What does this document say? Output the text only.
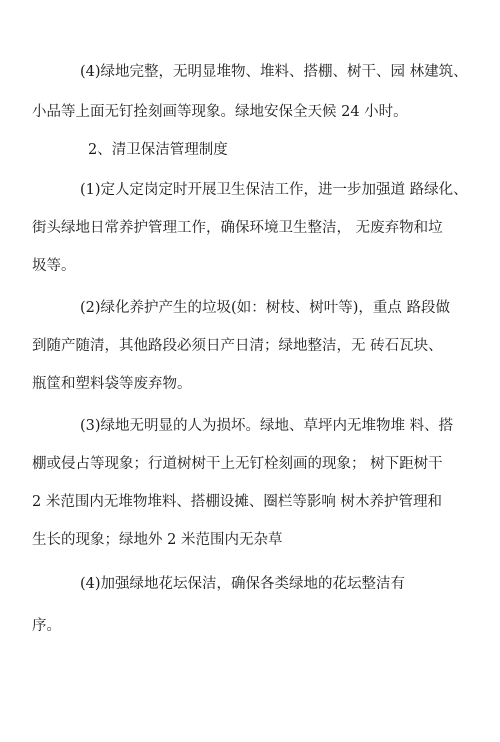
(4)绿地完整，无明显堆物、堆料、搭棚、树干、园 林建筑、
小品等上面无钉拴刻画等现象。绿地安保全天候 24 小时。
2、清卫保洁管理制度
(1)定人定岗定时开展卫生保洁工作，进一步加强道 路绿化、
街头绿地日常养护管理工作，确保环境卫生整洁， 无废弃物和垃
圾等。
(2)绿化养护产生的垃圾(如：树枝、树叶等)，重点 路段做
到随产随清，其他路段必须日产日清；绿地整洁，无 砖石瓦块、
瓶筐和塑料袋等废弃物。
(3)绿地无明显的人为损坏。绿地、草坪内无堆物堆 料、搭
棚或侵占等现象；行道树树干上无钉栓刻画的现象； 树下距树干
2 米范围内无堆物堆料、搭棚设摊、圈栏等影响 树木养护管理和
生长的现象；绿地外 2 米范围内无杂草
(4)加强绿地花坛保洁，确保各类绿地的花坛整洁有
序。
